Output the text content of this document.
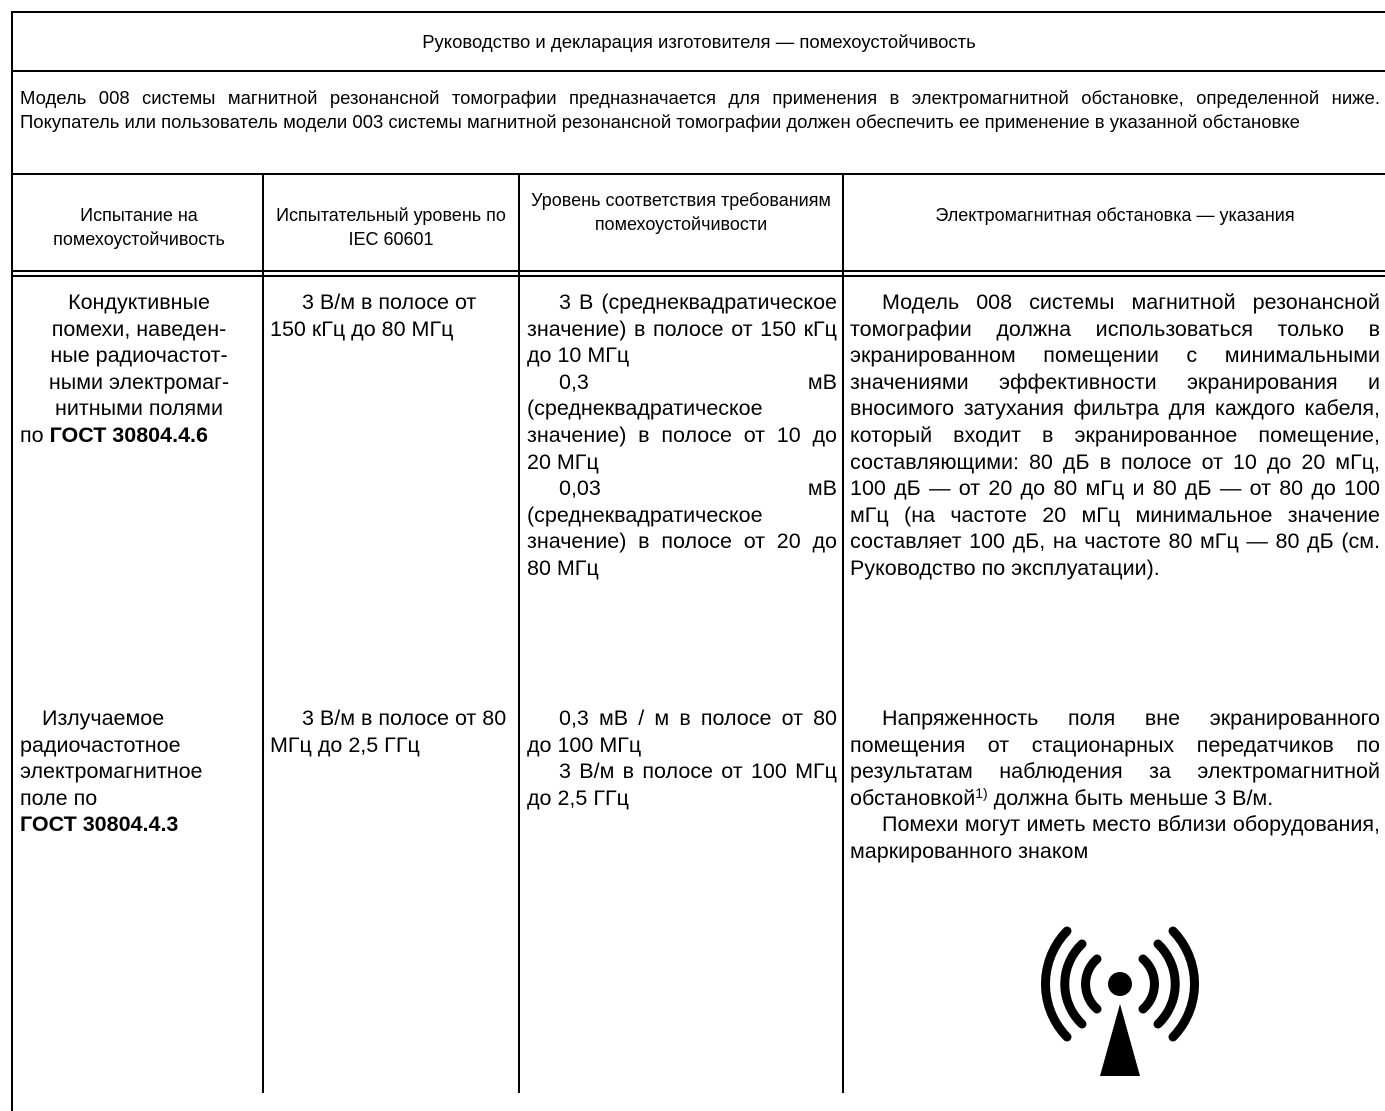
Руководство и декларация изготовителя — помехоустойчивость

Модель 008 системы магнитной резонансной томографии предназначается для применения в электромагнитной обстановке, определенной ниже. Покупатель или пользователь модели 003 системы магнитной резонансной томографии должен обеспечить ее применение в указанной обстановке

Испытание на помехоустойчивость

Испытательный уровень по IEC 60601

Уровень соответствия требованиям помехоустойчивости	Электромагнитная обстановка — указания

Кондуктивные
помехи, наведен-
ные радиочастот-
ными электромаг-
нитными полями
по ГОСТ 30804.4.6

3 В/м в полосе от 150 кГц до 80 МГц

3 В (среднеквадратическое значение) в полосе от 150 кГц до 10 МГц

0,3 мВ (среднеквадратическое значение) в полосе от 10 до 20 МГц

0,03 мВ (среднеквадратическое значение) в полосе от 20 до 80 МГц

Модель 008 системы магнитной резонансной томографии должна использоваться только в экранированном помещении с минимальными значениями эффективности экранирования и вносимого затухания фильтра для каждого кабеля, который входит в экранированное помещение, составляющими: 80 дБ в полосе от 10 до 20 мГц, 100 дБ — от 20 до 80 мГц и 80 дБ — от 80 до 100 мГц (на частоте 20 мГц минимальное значение составляет 100 дБ, на частоте 80 мГц — 80 дБ (см. Руководство по эксплуатации).

Излучаемое
радиочастотное
электромагнитное
поле по
ГОСТ 30804.4.3

3 В/м в полосе от 80 МГц до 2,5 ГГц

0,3 мВ / м в полосе от 80 до 100 МГц

3 В/м в полосе от 100 МГц до 2,5 ГГц

Напряженность поля вне экранированного помещения от стационарных передатчиков по результатам наблюдения за электромагнитной обстановкой$^{1)}$ должна быть меньше 3 В/м.

Помехи могут иметь место вблизи оборудования, маркированного знаком
